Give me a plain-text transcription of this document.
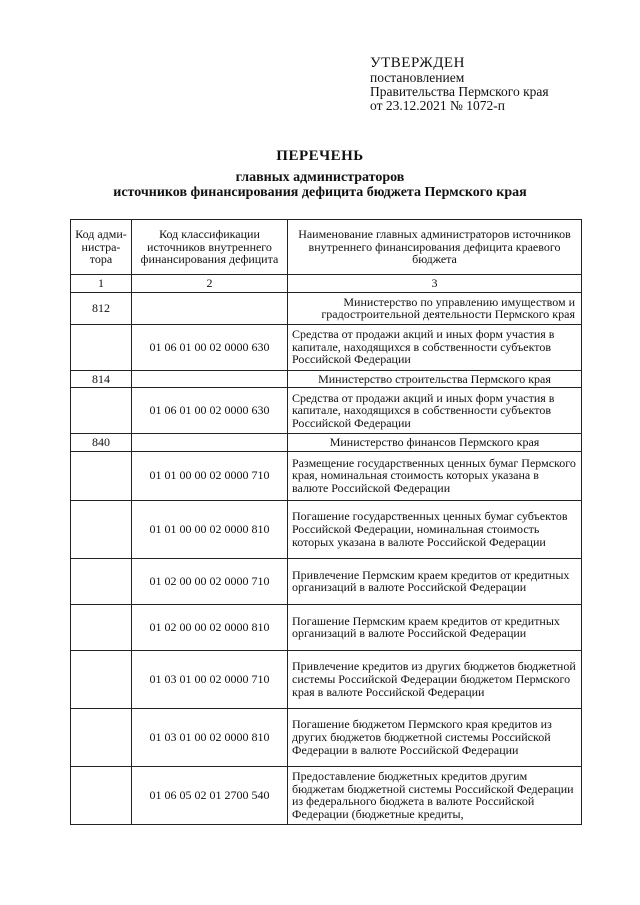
УТВЕРЖДЕН
постановлением
Правительства Пермского края
от 23.12.2021 № 1072-п
ПЕРЕЧЕНЬ
главных администраторов
источников финансирования дефицита бюджета Пермского края
Код адми-нистра-тора	Код классификации источников внутреннего финансирования дефицита	Наименование главных администраторов источников внутреннего финансирования дефицита краевого бюджета
1	2	3
812		Министерство по управлению имуществом и градостроительной деятельности Пермского края
	01 06 01 00 02 0000 630	Средства от продажи акций и иных форм участия в капитале, находящихся в собственности субъектов Российской Федерации
814		Министерство строительства Пермского края
	01 06 01 00 02 0000 630	Средства от продажи акций и иных форм участия в капитале, находящихся в собственности субъектов Российской Федерации
840		Министерство финансов Пермского края
	01 01 00 00 02 0000 710	Размещение государственных ценных бумаг Пермского края, номинальная стоимость которых указана в валюте Российской Федерации
	01 01 00 00 02 0000 810	Погашение государственных ценных бумаг субъектов Российской Федерации, номинальная стоимость которых указана в валюте Российской Федерации
	01 02 00 00 02 0000 710	Привлечение Пермским краем кредитов от кредитных организаций в валюте Российской Федерации
	01 02 00 00 02 0000 810	Погашение Пермским краем кредитов от кредитных организаций в валюте Российской Федерации
	01 03 01 00 02 0000 710	Привлечение кредитов из других бюджетов бюджетной системы Российской Федерации бюджетом Пермского края в валюте Российской Федерации
	01 03 01 00 02 0000 810	Погашение бюджетом Пермского края кредитов из других бюджетов бюджетной системы Российской Федерации в валюте Российской Федерации
	01 06 05 02 01 2700 540	Предоставление бюджетных кредитов другим бюджетам бюджетной системы Российской Федерации из федерального бюджета в валюте Российской Федерации (бюджетные кредиты,
